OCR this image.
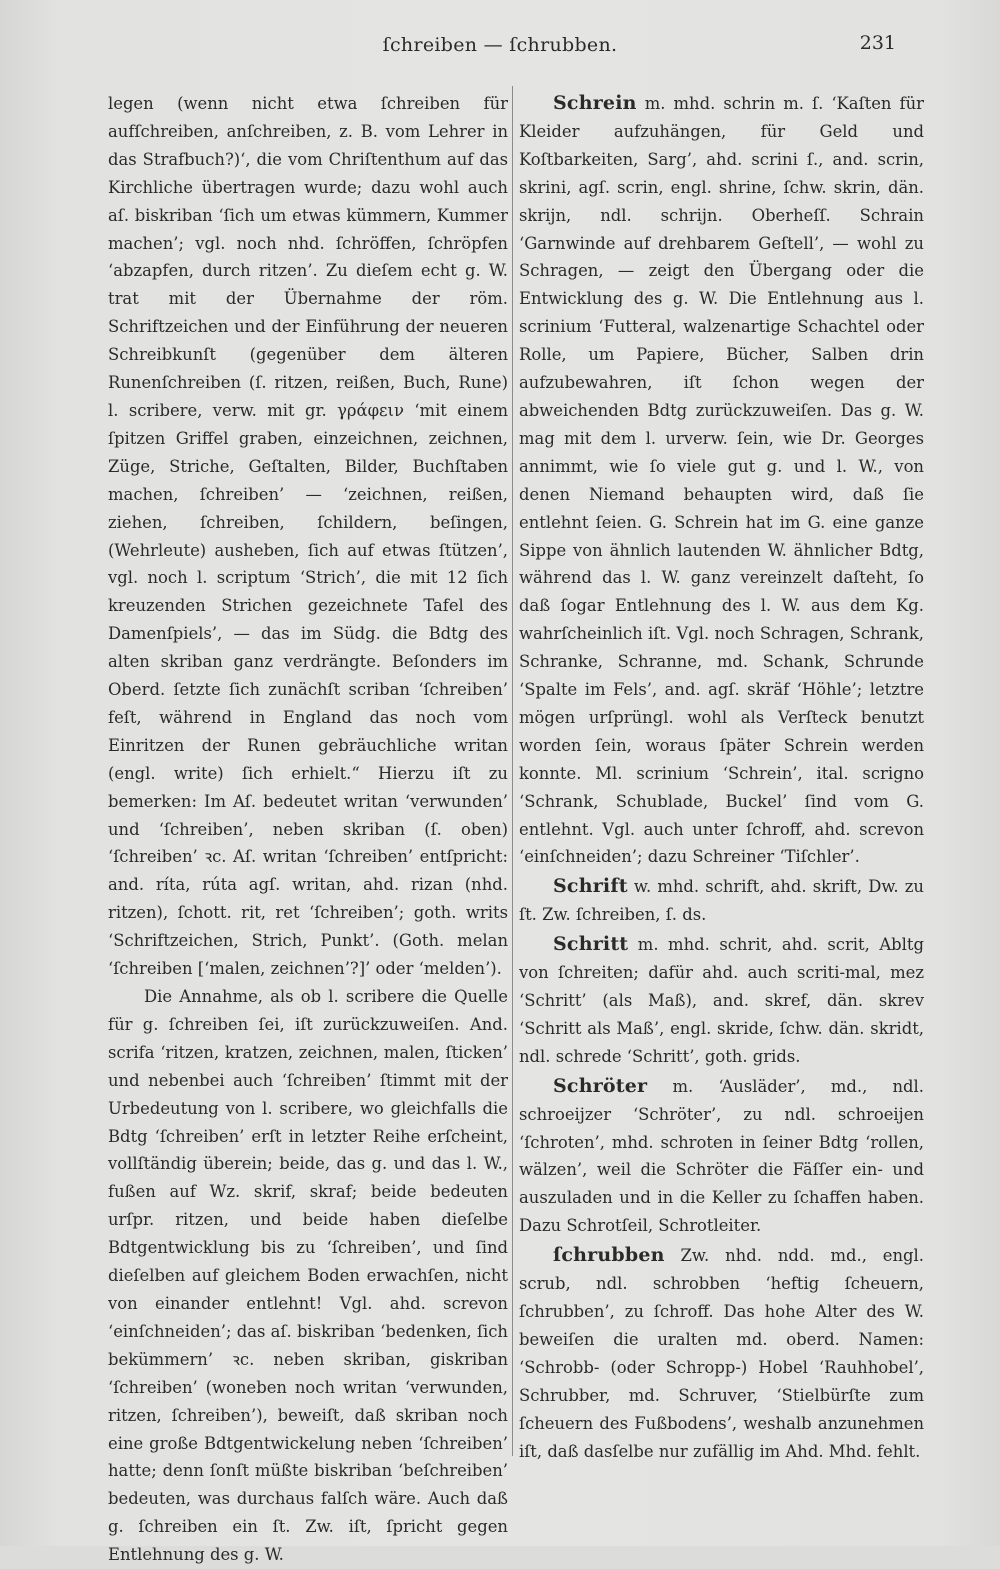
ſchreiben — ſchrubben.	231

legen (wenn nicht etwa ſchreiben für aufſchreiben, anſchreiben, z. B. vom Lehrer in das Strafbuch?)‘, die vom Chriſtenthum auf das Kirchliche übertragen wurde; dazu wohl auch aſ. biskriban ‘ſich um etwas kümmern, Kummer machen’; vgl. noch nhd. ſchröffen, ſchröpfen ‘abzapfen, durch ritzen’. Zu dieſem echt g. W. trat mit der Übernahme der röm. Schriftzeichen und der Einführung der neueren Schreibkunſt (gegenüber dem älteren Runenſchreiben (ſ. ritzen, reißen, Buch, Rune) l. scribere, verw. mit gr. γράφειν ‘mit einem ſpitzen Griffel graben, einzeichnen, zeichnen, Züge, Striche, Geſtalten, Bilder, Buchſtaben machen, ſchreiben’ — ‘zeichnen, reißen, ziehen, ſchreiben, ſchildern, beſingen, (Wehrleute) ausheben, ſich auf etwas ſtützen’, vgl. noch l. scriptum ‘Strich’, die mit 12 ſich kreuzenden Strichen gezeichnete Tafel des Damenſpiels’, — das im Südg. die Bdtg des alten skriban ganz verdrängte. Beſonders im Oberd. ſetzte ſich zunächſt scriban ‘ſchreiben’ feſt, während in England das noch vom Einritzen der Runen gebräuchliche writan (engl. write) ſich erhielt.“ Hierzu iſt zu bemerken: Im Aſ. bedeutet writan ‘verwunden’ und ‘ſchreiben’, neben skriban (ſ. oben) ‘ſchreiben’ ꝛc. Aſ. writan ‘ſchreiben’ entſpricht: and. ríta, rúta agſ. writan, ahd. rizan (nhd. ritzen), ſchott. rit, ret ‘ſchreiben’; goth. writs ‘Schriftzeichen, Strich, Punkt’. (Goth. melan ‘ſchreiben [‘malen, zeichnen’?]’ oder ‘melden’).

Die Annahme, als ob l. scribere die Quelle für g. ſchreiben ſei, iſt zurückzuweiſen. And. scrifa ‘ritzen, kratzen, zeichnen, malen, ſticken’ und nebenbei auch ‘ſchreiben’ ſtimmt mit der Urbedeutung von l. scribere, wo gleichfalls die Bdtg ‘ſchreiben’ erſt in letzter Reihe erſcheint, vollſtändig überein; beide, das g. und das l. W., fußen auf Wz. skrif, skraf; beide bedeuten urſpr. ritzen, und beide haben dieſelbe Bdtgentwicklung bis zu ‘ſchreiben’, und ſind dieſelben auf gleichem Boden erwachſen, nicht von einander entlehnt! Vgl. ahd. screvon ‘einſchneiden’; das aſ. biskriban ‘bedenken, ſich bekümmern’ ꝛc. neben skriban, giskriban ‘ſchreiben’ (woneben noch writan ‘verwunden, ritzen, ſchreiben’), beweiſt, daß skriban noch eine große Bdtgentwickelung neben ‘ſchreiben’ hatte; denn ſonſt müßte biskriban ‘beſchreiben’ bedeuten, was durchaus falſch wäre. Auch daß g. ſchreiben ein ſt. Zw. iſt, ſpricht gegen Entlehnung des g. W.

Schrein m. mhd. schrin m. ſ. ‘Kaſten für Kleider aufzuhängen, für Geld und Koſtbarkeiten, Sarg’, ahd. scrini ſ., and. scrin, skrini, agſ. scrin, engl. shrine, ſchw. skrin, dän. skrijn, ndl. schrijn. Oberheſſ. Schrain ‘Garnwinde auf drehbarem Geſtell’, — wohl zu Schragen, — zeigt den Übergang oder die Entwicklung des g. W. Die Entlehnung aus l. scrinium ‘Futteral, walzenartige Schachtel oder Rolle, um Papiere, Bücher, Salben drin aufzubewahren, iſt ſchon wegen der abweichenden Bdtg zurückzuweiſen. Das g. W. mag mit dem l. urverw. ſein, wie Dr. Georges annimmt, wie ſo viele gut g. und l. W., von denen Niemand behaupten wird, daß ſie entlehnt ſeien. G. Schrein hat im G. eine ganze Sippe von ähnlich lautenden W. ähnlicher Bdtg, während das l. W. ganz vereinzelt daſteht, ſo daß ſogar Entlehnung des l. W. aus dem Kg. wahrſcheinlich iſt. Vgl. noch Schragen, Schrank, Schranke, Schranne, md. Schank, Schrunde ‘Spalte im Fels’, and. agſ. skräf ‘Höhle’; letztre mögen urſprüngl. wohl als Verſteck benutzt worden ſein, woraus ſpäter Schrein werden konnte. Ml. scrinium ‘Schrein’, ital. scrigno ‘Schrank, Schublade, Buckel’ ſind vom G. entlehnt. Vgl. auch unter ſchroff, ahd. screvon ‘einſchneiden’; dazu Schreiner ‘Tiſchler’.

Schrift w. mhd. schrift, ahd. skrift, Dw. zu ſt. Zw. ſchreiben, ſ. ds.

Schritt m. mhd. schrit, ahd. scrit, Abltg von ſchreiten; dafür ahd. auch scriti-mal, mez ‘Schritt’ (als Maß), and. skref, dän. skrev ‘Schritt als Maß’, engl. skride, ſchw. dän. skridt, ndl. schrede ‘Schritt’, goth. grids.

Schröter m. ‘Ausläder’, md., ndl. schroeijzer ‘Schröter’, zu ndl. schroeijen ‘ſchroten’, mhd. schroten in ſeiner Bdtg ‘rollen, wälzen’, weil die Schröter die Fäſſer ein- und auszuladen und in die Keller zu ſchaffen haben. Dazu Schrotſeil, Schrotleiter.

ſchrubben Zw. nhd. ndd. md., engl. scrub, ndl. schrobben ‘heftig ſcheuern, ſchrubben’, zu ſchroff. Das hohe Alter des W. beweiſen die uralten md. oberd. Namen: ‘Schrobb- (oder Schropp-) Hobel ‘Rauhhobel’, Schrubber, md. Schruver, ‘Stielbürſte zum ſcheuern des Fußbodens’, weshalb anzunehmen iſt, daß dasſelbe nur zufällig im Ahd. Mhd. fehlt.
